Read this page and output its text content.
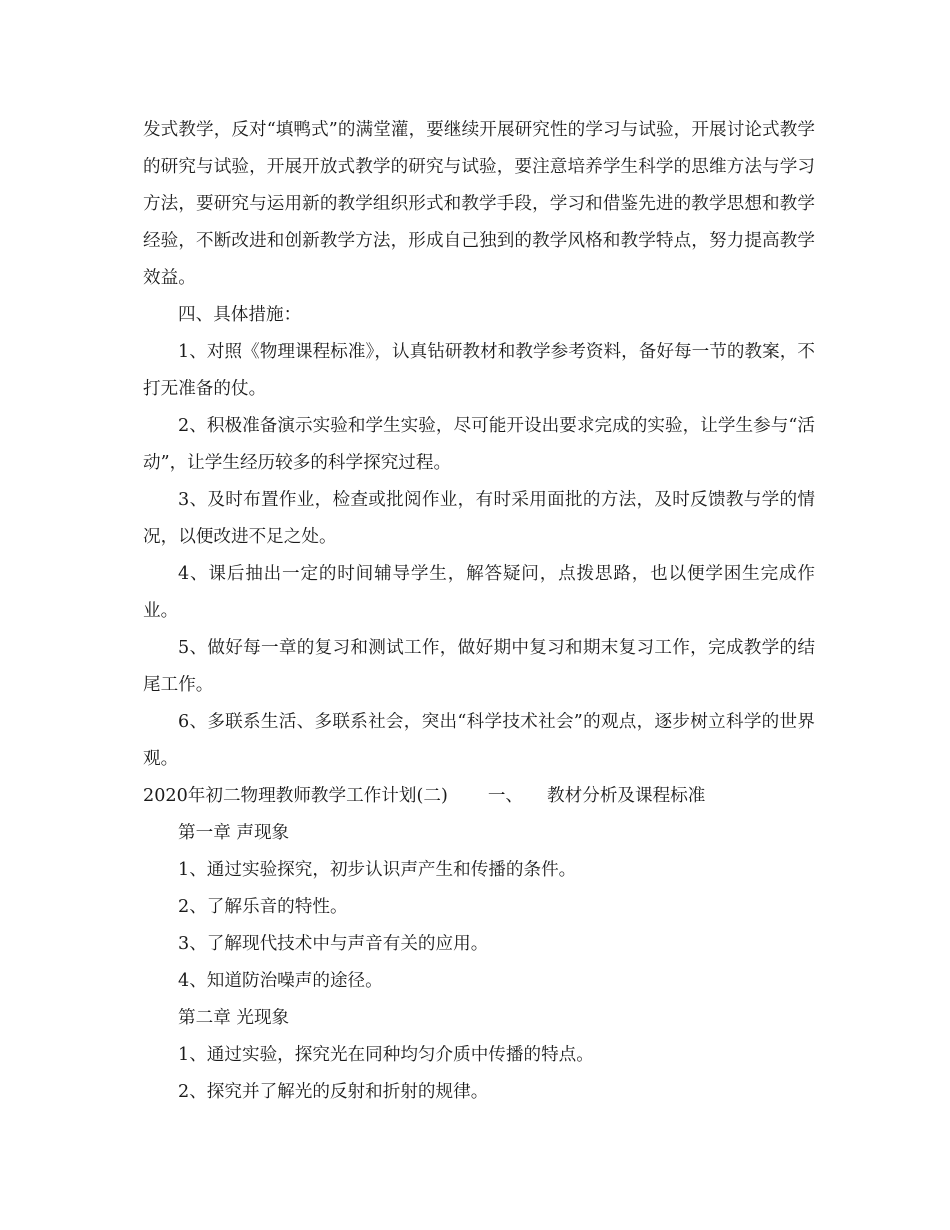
发式教学，反对“填鸭式”的满堂灌，要继续开展研究性的学习与试验，开展讨论式教学的研究与试验，开展开放式教学的研究与试验，要注意培养学生科学的思维方法与学习方法，要研究与运用新的教学组织形式和教学手段，学习和借鉴先进的教学思想和教学经验，不断改进和创新教学方法，形成自己独到的教学风格和教学特点，努力提高教学效益。

四、具体措施：

1、对照《物理课程标准》，认真钻研教材和教学参考资料，备好每一节的教案，不打无准备的仗。

2、积极准备演示实验和学生实验，尽可能开设出要求完成的实验，让学生参与“活动”，让学生经历较多的科学探究过程。

3、及时布置作业，检查或批阅作业，有时采用面批的方法，及时反馈教与学的情况，以便改进不足之处。

4、课后抽出一定的时间辅导学生，解答疑问，点拨思路，也以便学困生完成作业。

5、做好每一章的复习和测试工作，做好期中复习和期末复习工作，完成教学的结尾工作。

6、多联系生活、多联系社会，突出“科学技术社会”的观点，逐步树立科学的世界观。

2020年初二物理教师教学工作计划(二) 一、 教材分析及课程标准

第一章 声现象

1、通过实验探究，初步认识声产生和传播的条件。

2、了解乐音的特性。

3、了解现代技术中与声音有关的应用。

4、知道防治噪声的途径。

第二章 光现象

1、通过实验，探究光在同种均匀介质中传播的特点。

2、探究并了解光的反射和折射的规律。
